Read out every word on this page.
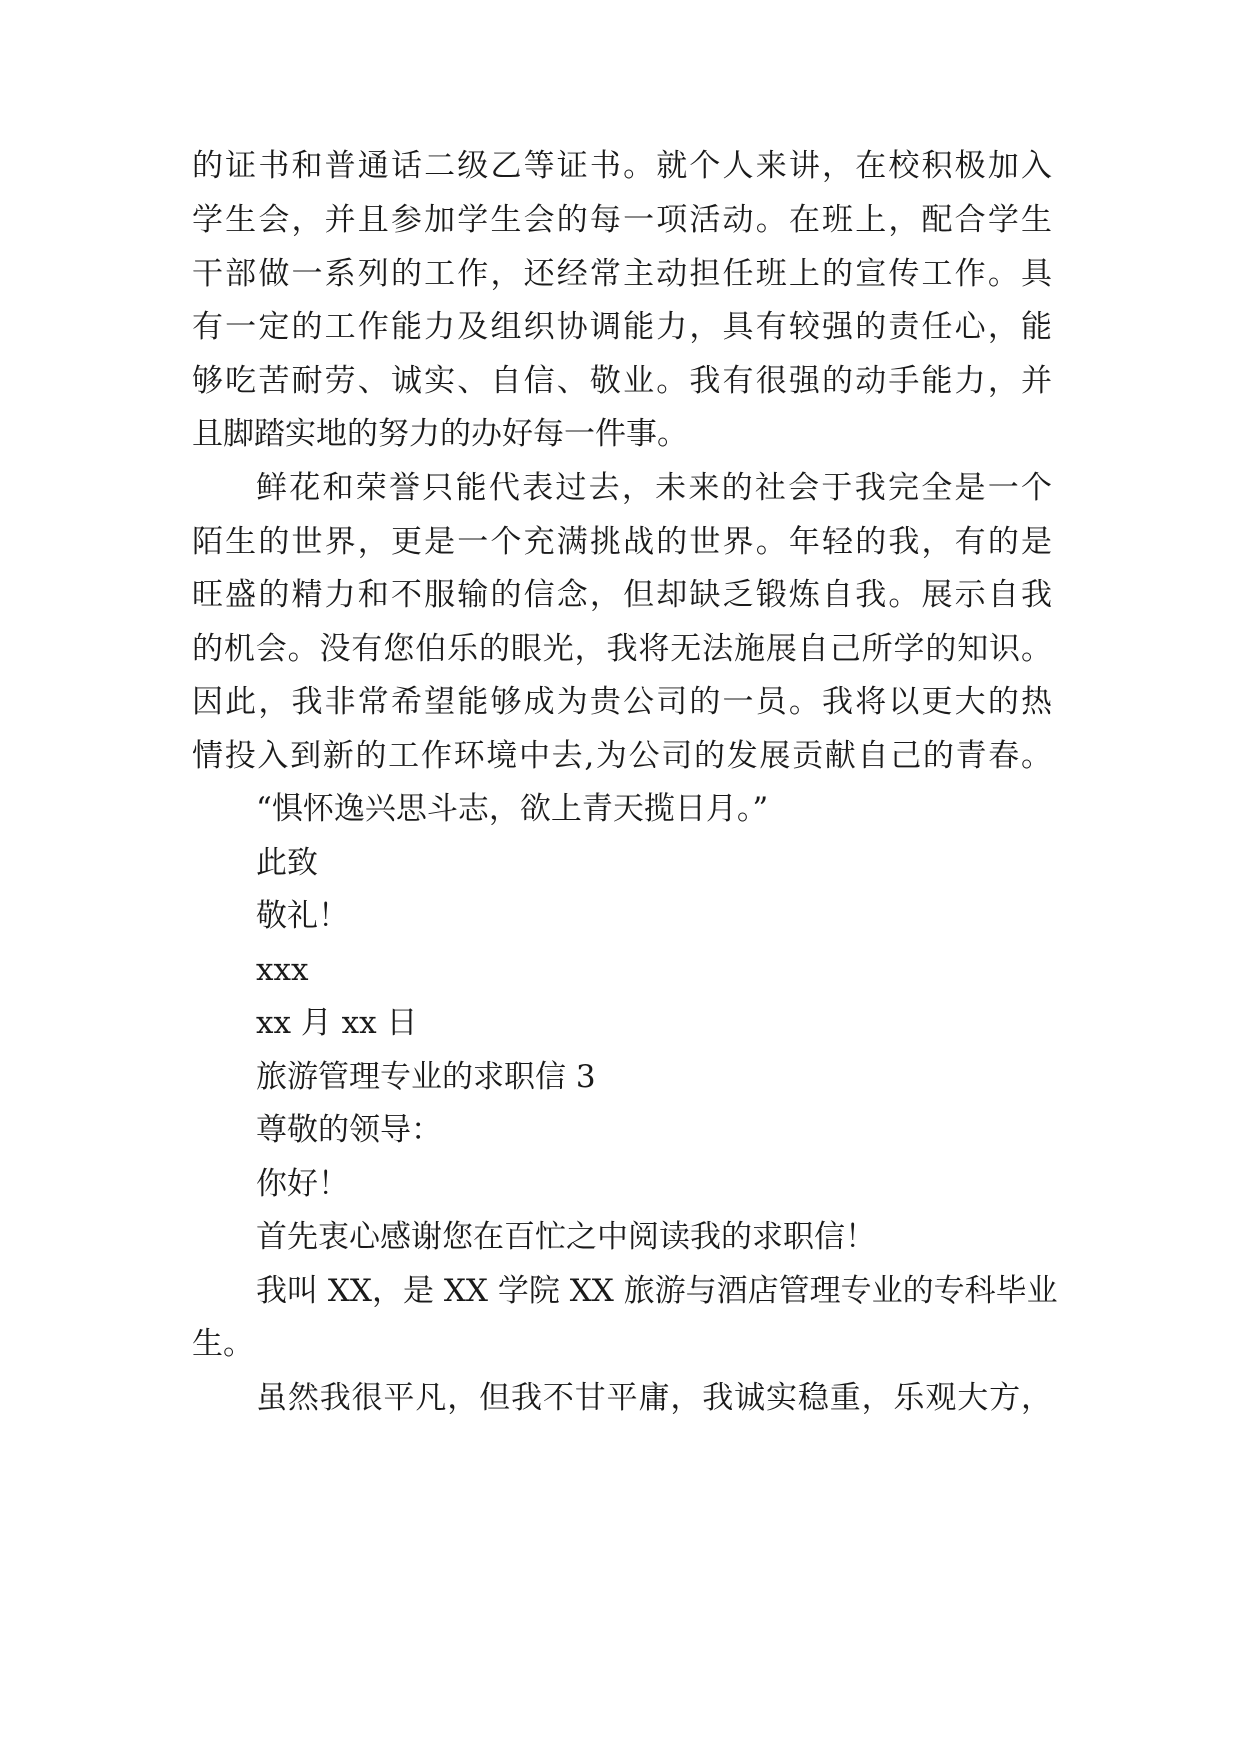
的证书和普通话二级乙等证书。就个人来讲，在校积极加入
学生会，并且参加学生会的每一项活动。在班上，配合学生
干部做一系列的工作，还经常主动担任班上的宣传工作。具
有一定的工作能力及组织协调能力，具有较强的责任心，能
够吃苦耐劳、诚实、自信、敬业。我有很强的动手能力，并
且脚踏实地的努力的办好每一件事。
鲜花和荣誉只能代表过去，未来的社会于我完全是一个
陌生的世界，更是一个充满挑战的世界。年轻的我，有的是
旺盛的精力和不服输的信念，但却缺乏锻炼自我。展示自我
的机会。没有您伯乐的眼光，我将无法施展自己所学的知识。
因此，我非常希望能够成为贵公司的一员。我将以更大的热
情投入到新的工作环境中去,为公司的发展贡献自己的青春。
“惧怀逸兴思斗志，欲上青天揽日月。”
此致
敬礼！
xxx
xx 月 xx 日
旅游管理专业的求职信 3
尊敬的领导：
你好！
首先衷心感谢您在百忙之中阅读我的求职信！
我叫 XX，是 XX 学院 XX 旅游与酒店管理专业的专科毕业
生。
虽然我很平凡，但我不甘平庸，我诚实稳重，乐观大方，
